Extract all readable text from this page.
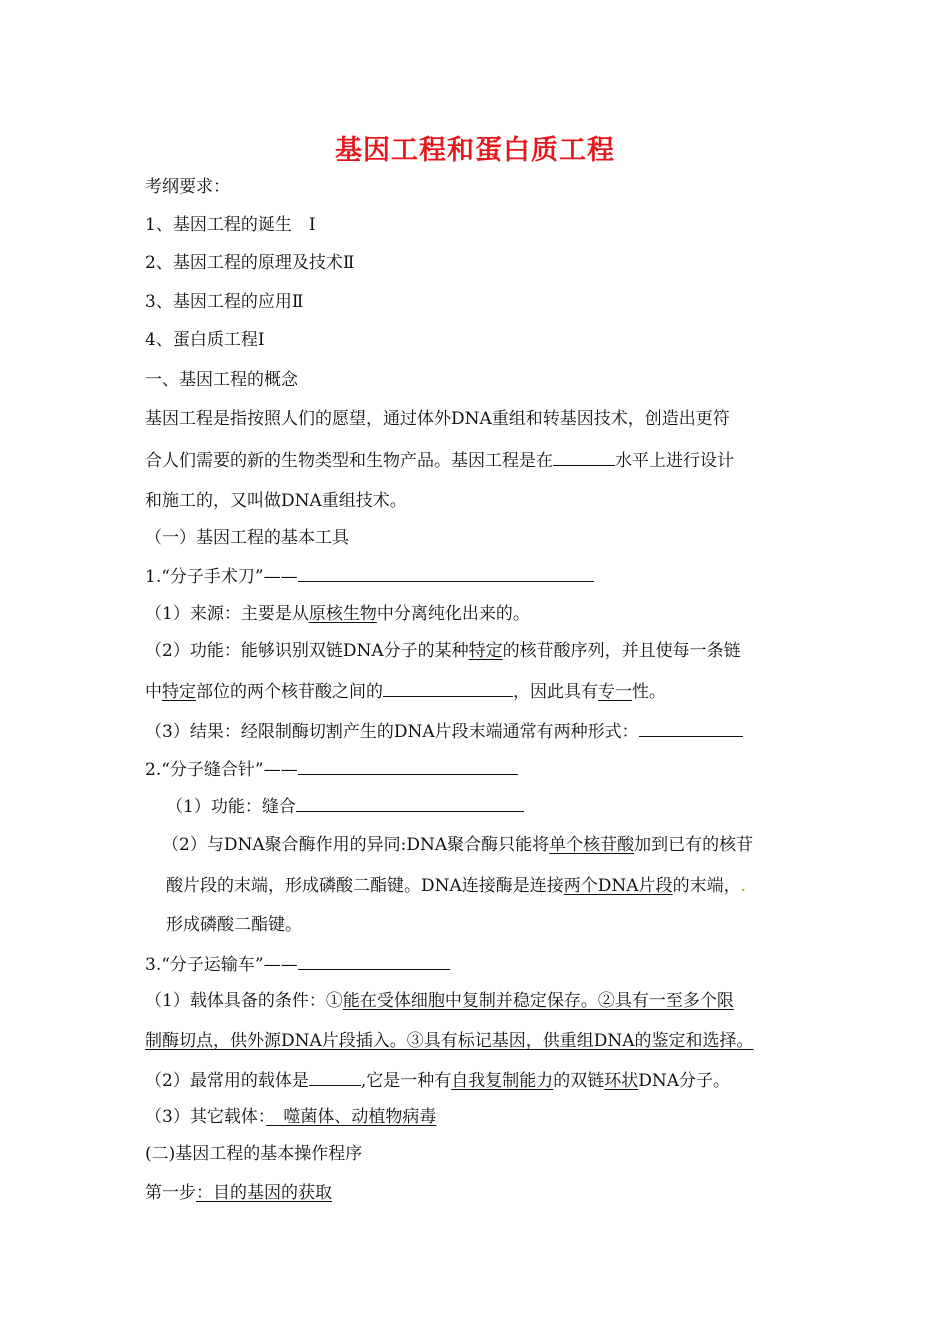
基因工程和蛋白质工程
考纲要求：
1、基因工程的诞生　Ⅰ
2、基因工程的原理及技术Ⅱ
3、基因工程的应用Ⅱ
4、蛋白质工程Ⅰ
一、基因工程的概念
基因工程是指按照人们的愿望，通过体外DNA重组和转基因技术，创造出更符
合人们需要的新的生物类型和生物产品。基因工程是在	水平上进行设计
和施工的，又叫做DNA重组技术。
（一）基因工程的基本工具
1.“分子手术刀”——
（1）来源：主要是从原核生物中分离纯化出来的。
（2）功能：能够识别双链DNA分子的某种特定的核苷酸序列，并且使每一条链
中特定部位的两个核苷酸之间的	，因此具有专一性。
（3）结果：经限制酶切割产生的DNA片段末端通常有两种形式：
2.“分子缝合针”——
（1）功能：缝合
（2）与DNA聚合酶作用的异同:DNA聚合酶只能将单个核苷酸加到已有的核苷
酸片段的末端，形成磷酸二酯键。DNA连接酶是连接两个DNA片段的末端，.
形成磷酸二酯键。
3.“分子运输车”——
（1）载体具备的条件：①能在受体细胞中复制并稳定保存。②具有一至多个限
制酶切点，供外源DNA片段插入。③具有标记基因，供重组DNA的鉴定和选择。
（2）最常用的载体是	,它是一种有自我复制能力的双链环状DNA分子。
（3）其它载体：　噬菌体、动植物病毒
(二)基因工程的基本操作程序
第一步：目的基因的获取
